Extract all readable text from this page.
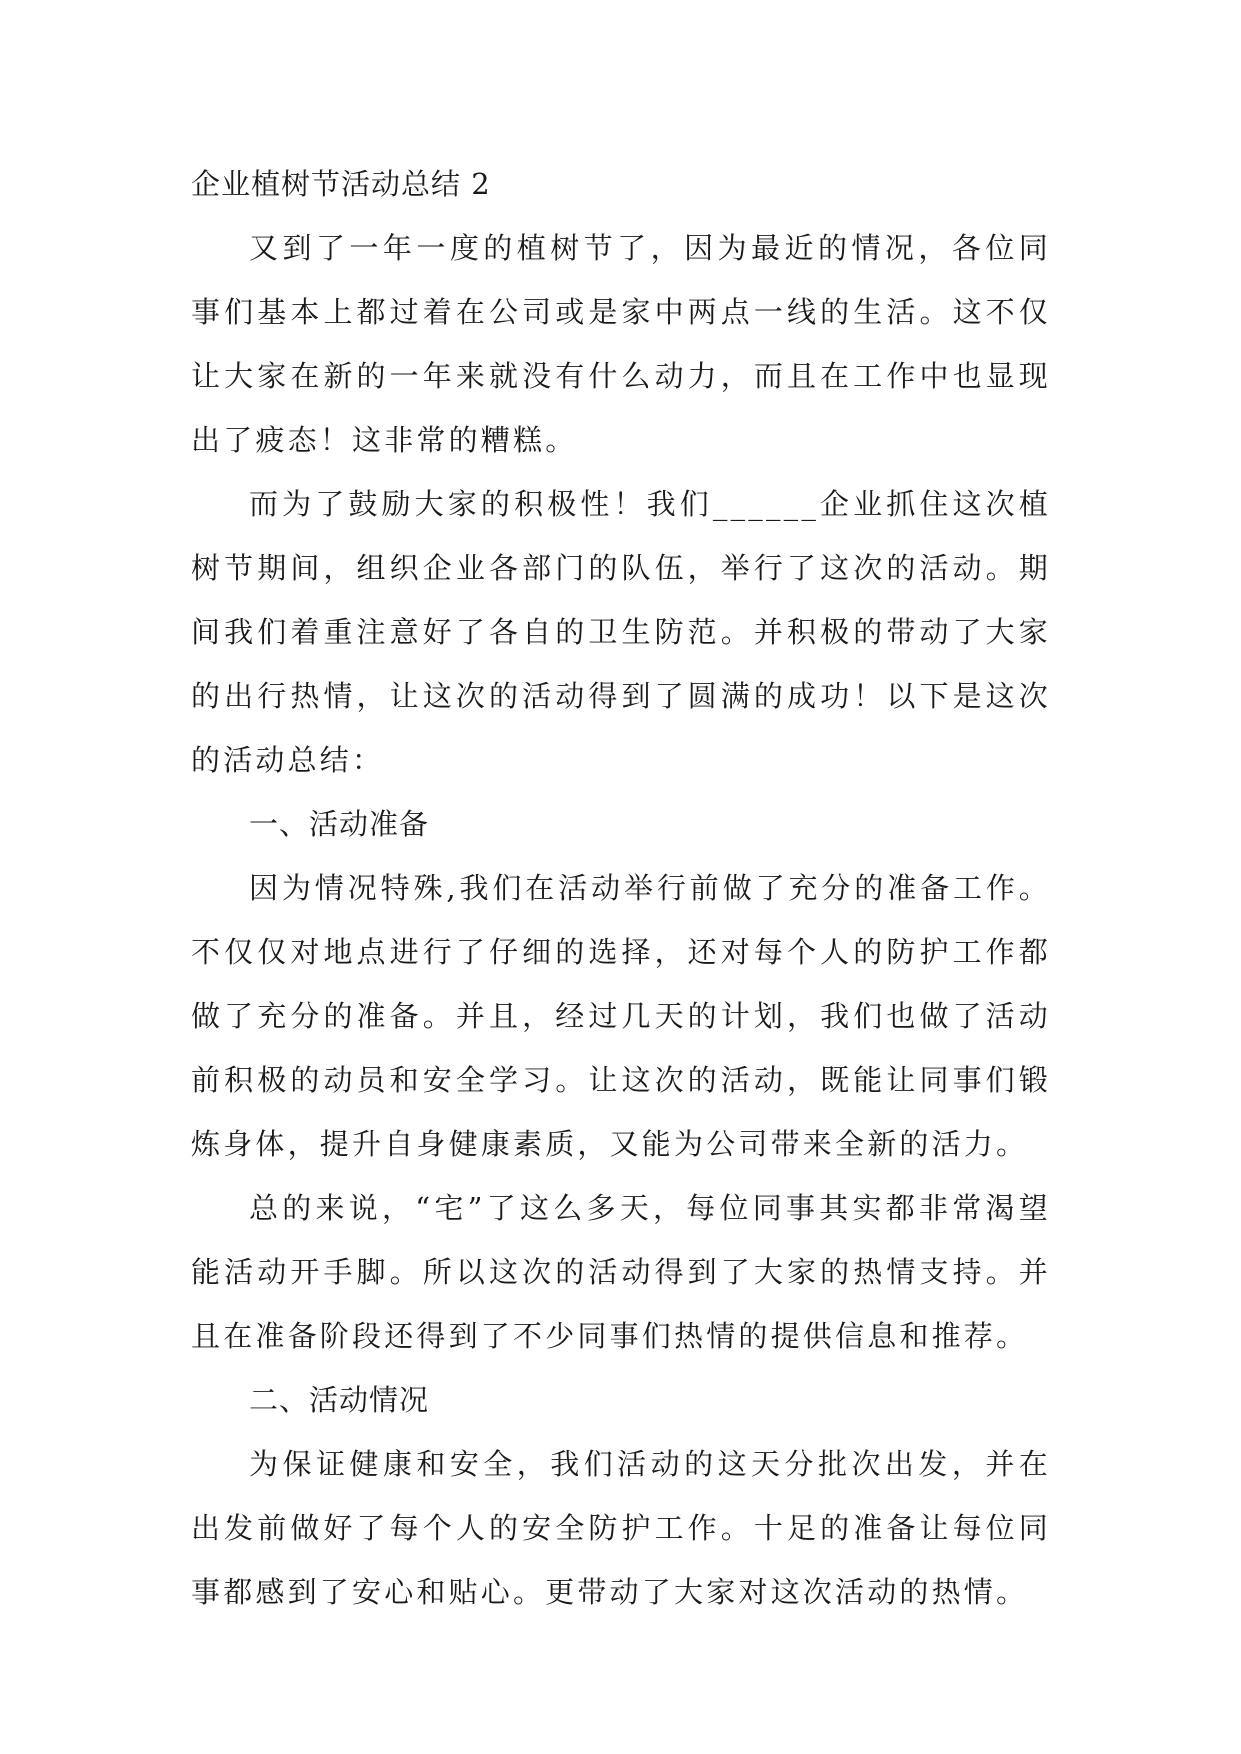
企业植树节活动总结 2

又到了一年一度的植树节了，因为最近的情况，各位同事们基本上都过着在公司或是家中两点一线的生活。这不仅让大家在新的一年来就没有什么动力，而且在工作中也显现出了疲态！这非常的糟糕。

而为了鼓励大家的积极性！我们______企业抓住这次植树节期间，组织企业各部门的队伍，举行了这次的活动。期间我们着重注意好了各自的卫生防范。并积极的带动了大家的出行热情，让这次的活动得到了圆满的成功！以下是这次的活动总结：

一、活动准备

因为情况特殊,我们在活动举行前做了充分的准备工作。不仅仅对地点进行了仔细的选择，还对每个人的防护工作都做了充分的准备。并且，经过几天的计划，我们也做了活动前积极的动员和安全学习。让这次的活动，既能让同事们锻炼身体，提升自身健康素质，又能为公司带来全新的活力。

总的来说，“宅”了这么多天，每位同事其实都非常渴望能活动开手脚。所以这次的活动得到了大家的热情支持。并且在准备阶段还得到了不少同事们热情的提供信息和推荐。

二、活动情况

为保证健康和安全，我们活动的这天分批次出发，并在出发前做好了每个人的安全防护工作。十足的准备让每位同事都感到了安心和贴心。更带动了大家对这次活动的热情。
